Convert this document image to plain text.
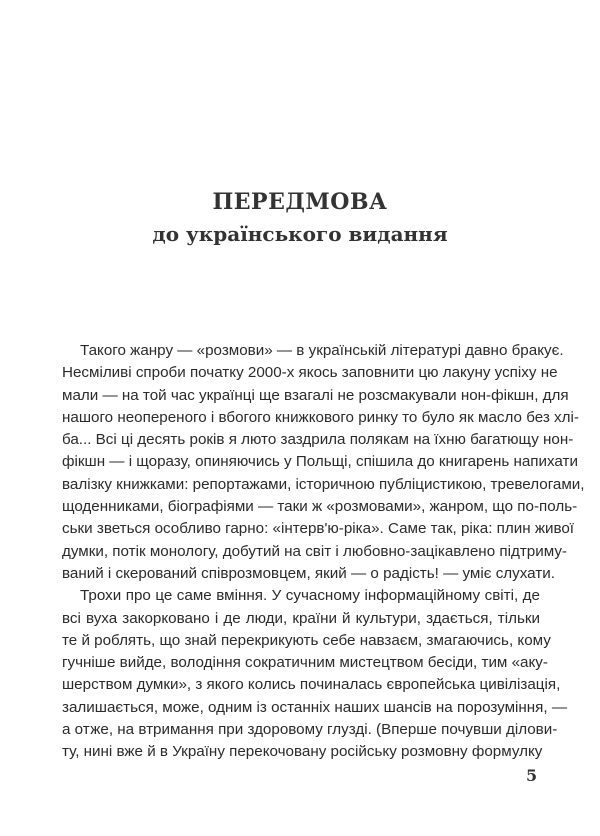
ПЕРЕДМОВА
до українського видання

Такого жанру — «розмови» — в українській літературі давно бракує.
Несміливі спроби початку 2000-х якось заповнити цю лакуну успіху не
мали — на той час українці ще взагалі не розсмакували нон-фікшн, для
нашого неопереного і вбогого книжкового ринку то було як масло без хлі-
ба... Всі ці десять років я люто заздрила полякам на їхню багатющу нон-
фікшн — і щоразу, опиняючись у Польщі, спішила до книгарень напихати
валізку книжками: репортажами, історичною публіцистикою, тревелогами,
щоденниками, біографіями — таки ж «розмовами», жанром, що по-поль-
ськи зветься особливо гарно: «інтерв'ю-ріка». Саме так, ріка: плин живої
думки, потік монологу, добутий на світ і любовно-зацікавлено підтриму-
ваний і скерований співрозмовцем, який — о радість! — уміє слухати.

Трохи про це саме вміння. У сучасному інформаційному світі, де
всі вуха закорковано і де люди, країни й культури, здається, тільки
те й роблять, що знай перекрикують себе навзаєм, змагаючись, кому
гучніше вийде, володіння сократичним мистецтвом бесіди, тим «аку-
шерством думки», з якого колись починалась європейська цивілізація,
залишається, може, одним із останніх наших шансів на порозуміння, —
а отже, на втримання при здоровому глузді. (Вперше почувши ділови-
ту, нині вже й в Україну перекочовану російську розмовну формулку

5
